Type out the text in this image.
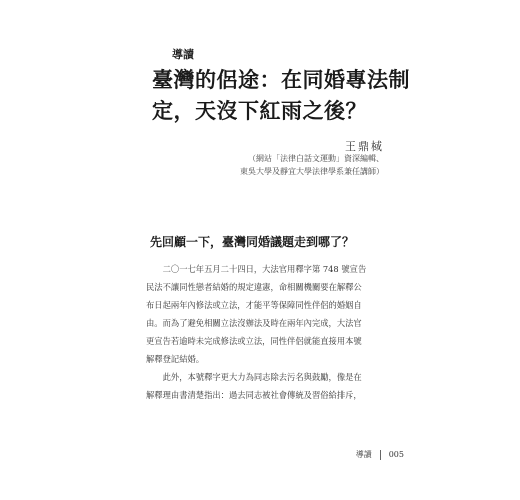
導讀
臺灣的侶途：在同婚專法制
定，天沒下紅雨之後？
王鼎棫
（網站「法律白話文運動」資深編輯、
東吳大學及靜宜大學法律學系兼任講師）
先回顧一下，臺灣同婚議題走到哪了？

二〇一七年五月二十四日，大法官用釋字第 748 號宣告

民法不讓同性戀者結婚的規定違憲，命相關機關要在解釋公

布日起兩年內修法或立法，才能平等保障同性伴侶的婚姻自

由。而為了避免相關立法沒辦法及時在兩年內完成，大法官

更宣告若逾時未完成修法或立法，同性伴侶就能直接用本號

解釋登記結婚。

此外，本號釋字更大力為同志除去污名與鼓勵，像是在

解釋理由書清楚指出：過去同志被社會傳統及習俗給排斥，

導讀 005
